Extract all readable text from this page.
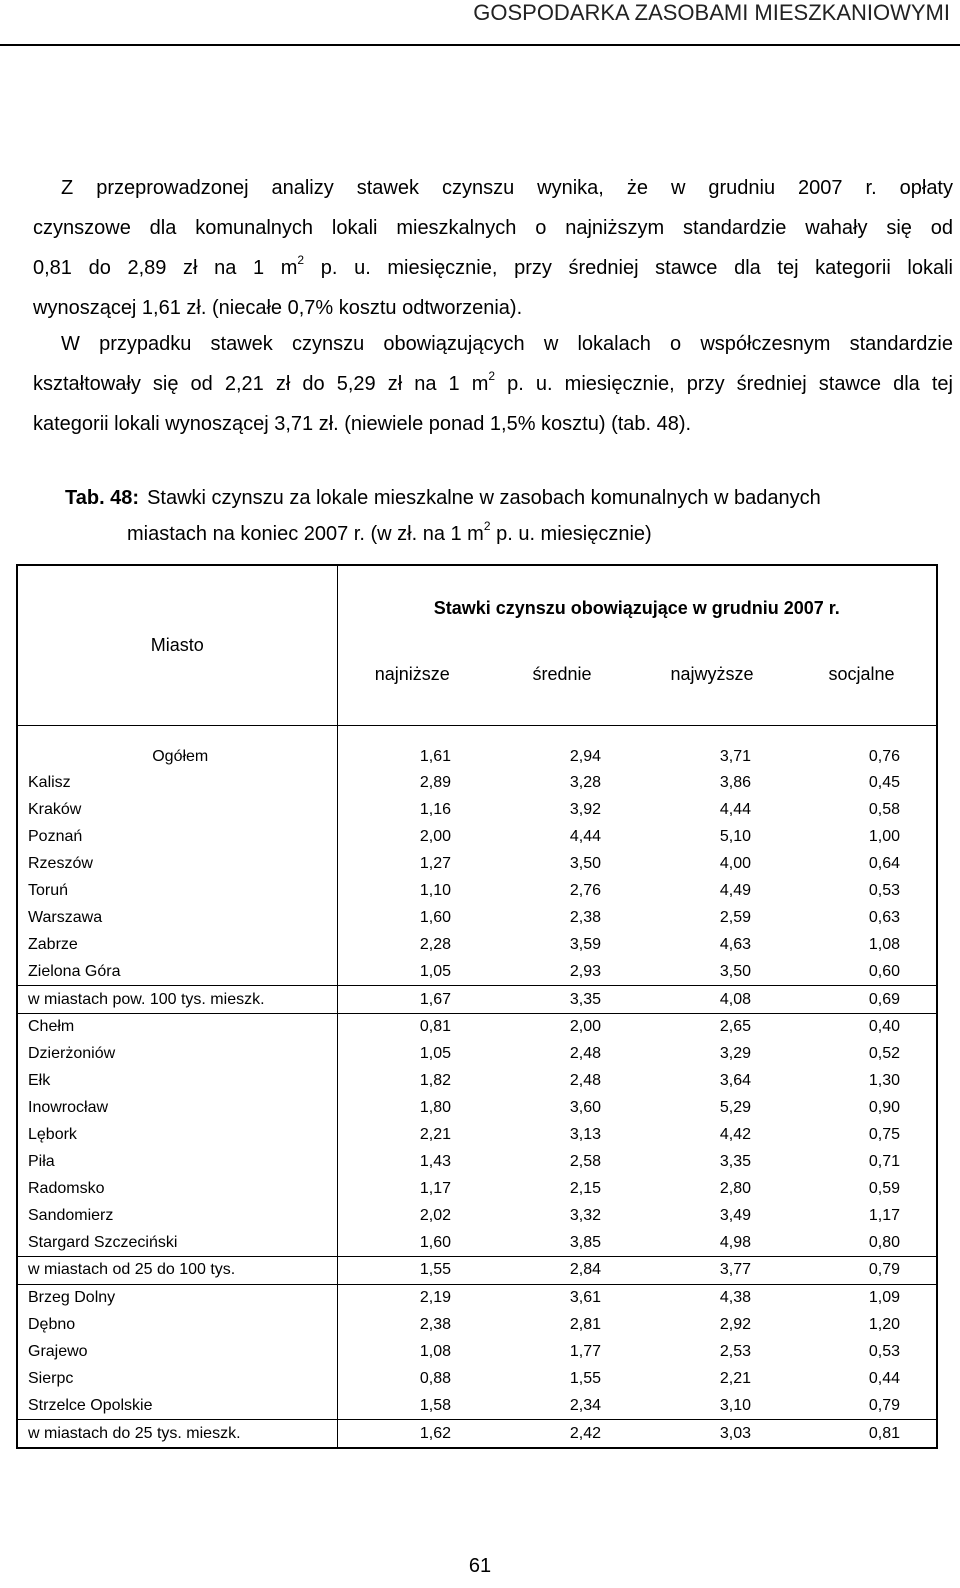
GOSPODARKA ZASOBAMI MIESZKANIOWYMI
Z przeprowadzonej analizy stawek czynszu wynika, że w grudniu 2007 r. opłaty
czynszowe dla komunalnych lokali mieszkalnych o najniższym standardzie wahały się od
0,81 do 2,89 zł na 1 $m^2$ p. u. miesięcznie, przy średniej stawce dla tej kategorii lokali
wynoszącej 1,61 zł. (niecałe 0,7% kosztu odtworzenia).
W przypadku stawek czynszu obowiązujących w lokalach o współczesnym standardzie
kształtowały się od 2,21 zł do 5,29 zł na 1 $m^2$ p. u. miesięcznie, przy średniej stawce dla tej
kategorii lokali wynoszącej 3,71 zł. (niewiele ponad 1,5% kosztu) (tab. 48).
Tab. 48: Stawki czynszu za lokale mieszkalne w zasobach komunalnych w badanych
miastach na koniec 2007 r. (w zł. na 1 $m^2$ p. u. miesięcznie)
Miasto	Stawki czynszu obowiązujące w grudniu 2007 r.			
	najniższe	średnie	najwyższe	socjalne
Ogółem	1,61	2,94	3,71	0,76
Kalisz	2,89	3,28	3,86	0,45
Kraków	1,16	3,92	4,44	0,58
Poznań	2,00	4,44	5,10	1,00
Rzeszów	1,27	3,50	4,00	0,64
Toruń	1,10	2,76	4,49	0,53
Warszawa	1,60	2,38	2,59	0,63
Zabrze	2,28	3,59	4,63	1,08
Zielona Góra	1,05	2,93	3,50	0,60
w miastach pow. 100 tys. mieszk.	1,67	3,35	4,08	0,69
Chełm	0,81	2,00	2,65	0,40
Dzierżoniów	1,05	2,48	3,29	0,52
Ełk	1,82	2,48	3,64	1,30
Inowrocław	1,80	3,60	5,29	0,90
Lębork	2,21	3,13	4,42	0,75
Piła	1,43	2,58	3,35	0,71
Radomsko	1,17	2,15	2,80	0,59
Sandomierz	2,02	3,32	3,49	1,17
Stargard Szczeciński	1,60	3,85	4,98	0,80
w miastach od 25 do 100 tys.	1,55	2,84	3,77	0,79
Brzeg Dolny	2,19	3,61	4,38	1,09
Dębno	2,38	2,81	2,92	1,20
Grajewo	1,08	1,77	2,53	0,53
Sierpc	0,88	1,55	2,21	0,44
Strzelce Opolskie	1,58	2,34	3,10	0,79
w miastach do 25 tys. mieszk.	1,62	2,42	3,03	0,81
61
